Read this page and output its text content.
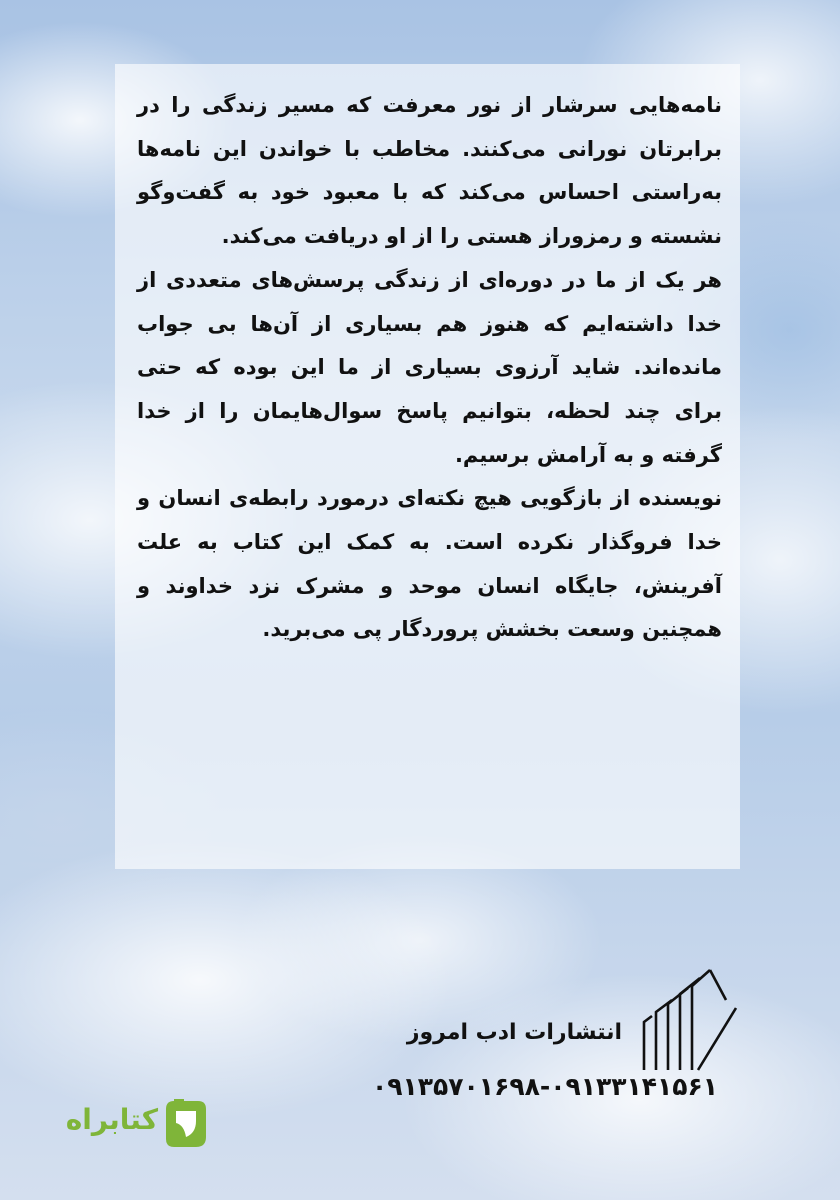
نامه‌هایی سرشار از نور معرفت که مسیر زندگی را در برابرتان نورانی می‌کنند. مخاطب با خواندن این نامه‌ها به‌راستی احساس می‌کند که با معبود خود به گفت‌وگو نشسته و رمزوراز هستی را از او دریافت می‌کند.

هر یک از ما در دوره‌ای از زندگی پرسش‌های متعددی از خدا داشته‌ایم که هنوز هم بسیاری از آن‌ها بی جواب مانده‌اند. شاید آرزوی بسیاری از ما این بوده که حتی برای چند لحظه، بتوانیم پاسخ سوال‌هایمان را از خدا گرفته و به آرامش برسیم.

نویسنده از بازگویی هیچ نکته‌ای درمورد رابطه‌ی انسان و خدا فروگذار نکرده است. به کمک این کتاب به علت آفرینش، جایگاه انسان موحد و مشرک نزد خداوند و همچنین وسعت بخشش پروردگار پی می‌برید.

انتشارات ادب امروز
۰۹۱۳۵۷۰۱۶۹۸-۰۹۱۳۳۱۴۱۵۶۱
کتابراه
